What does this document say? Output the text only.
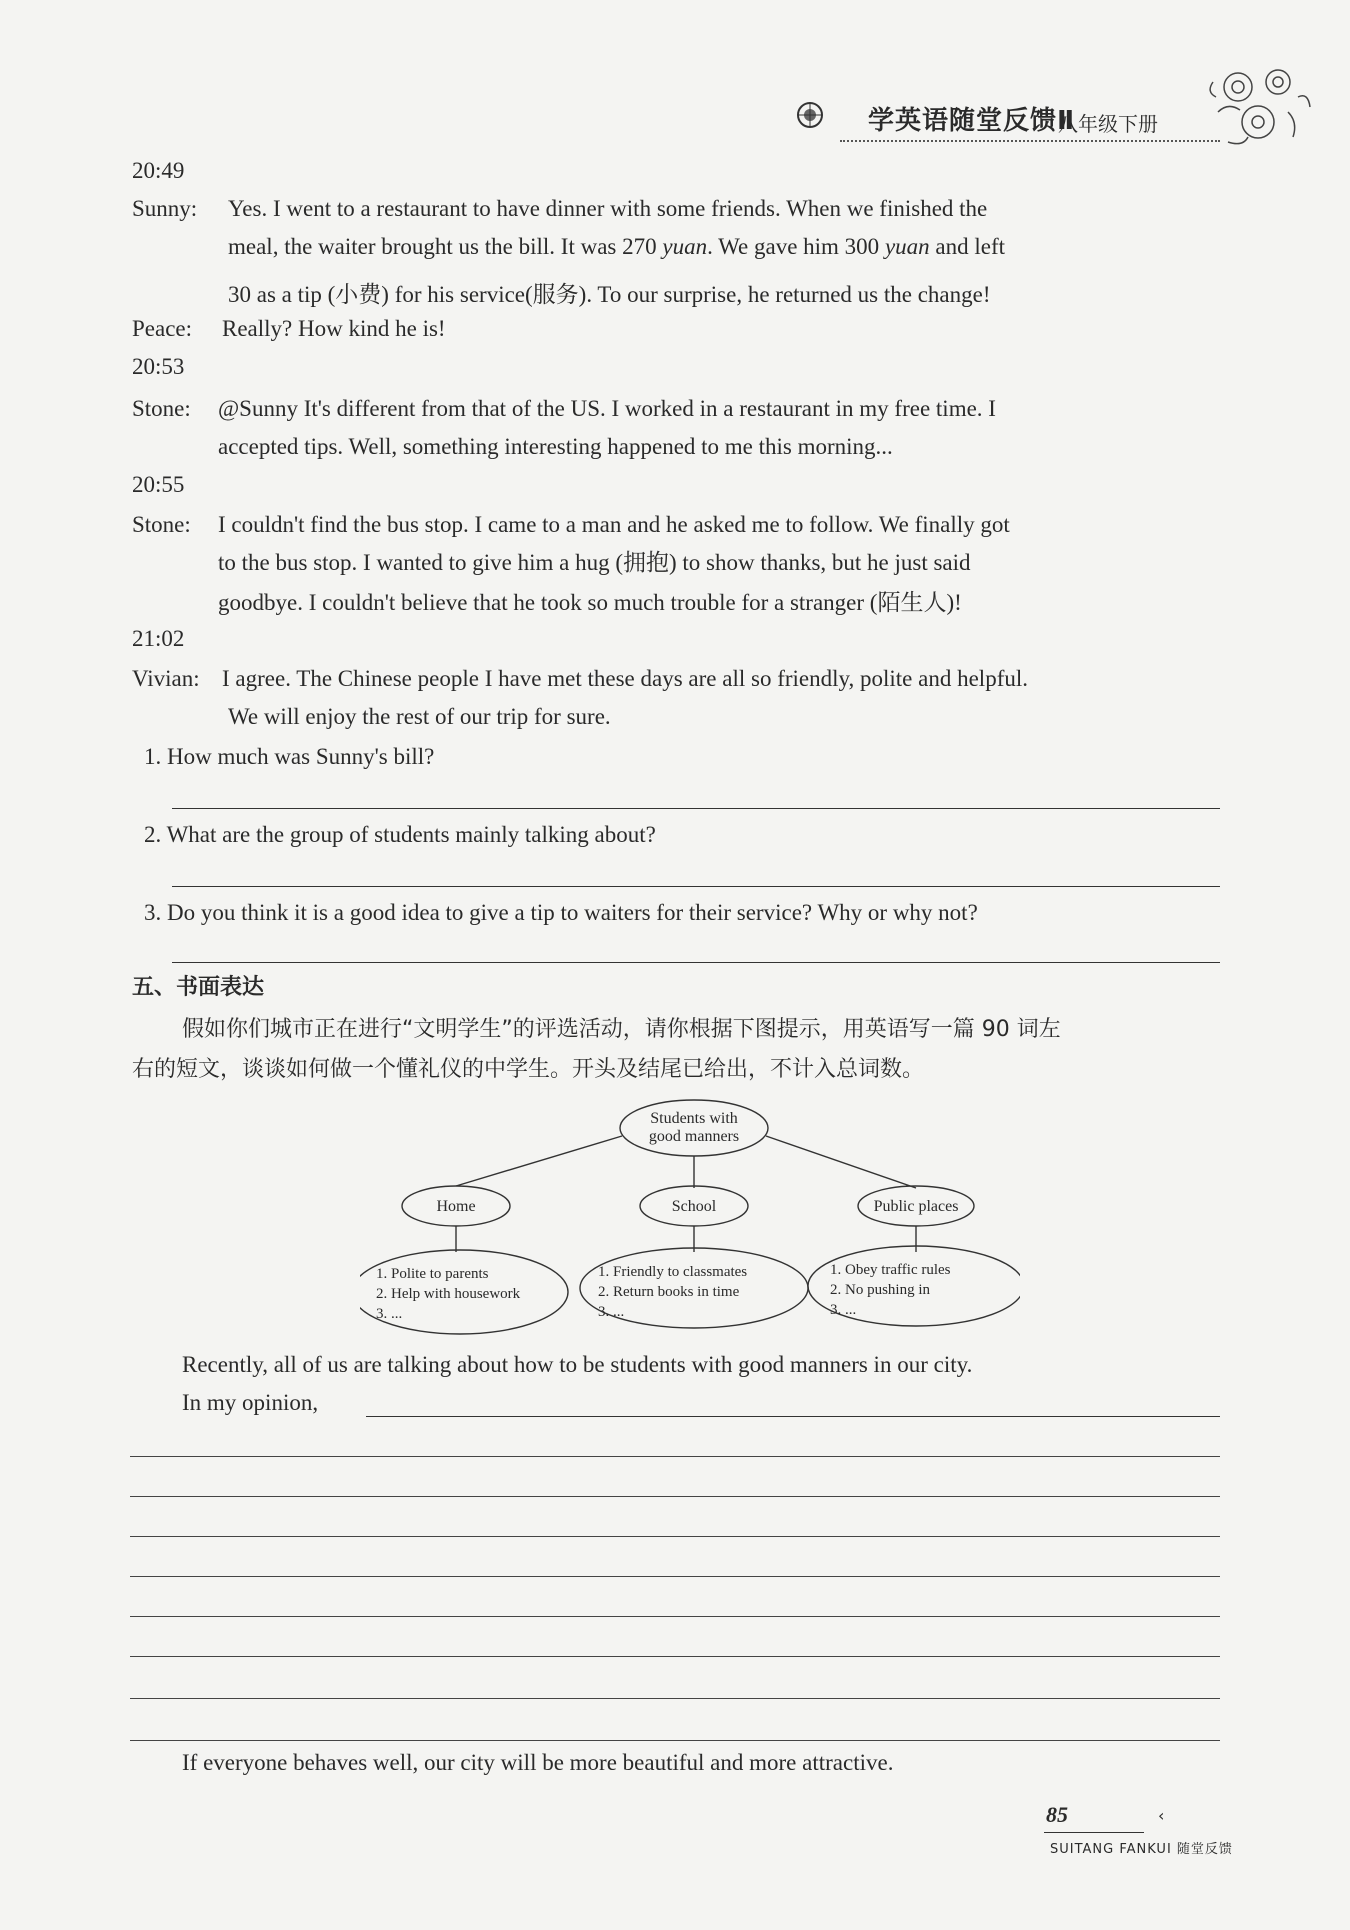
学英语随堂反馈Ⅱ
八年级下册
20:49
Sunny: Yes. I went to a restaurant to have dinner with some friends. When we finished the
meal, the waiter brought us the bill. It was 270 yuan. We gave him 300 yuan and left
30 as a tip (小费) for his service(服务). To our surprise, he returned us the change!
Peace: Really? How kind he is!
20:53
Stone: @Sunny It's different from that of the US. I worked in a restaurant in my free time. I
accepted tips. Well, something interesting happened to me this morning...
20:55
Stone: I couldn't find the bus stop. I came to a man and he asked me to follow. We finally got
to the bus stop. I wanted to give him a hug (拥抱) to show thanks, but he just said
goodbye. I couldn't believe that he took so much trouble for a stranger (陌生人)!
21:02
Vivian: I agree. The Chinese people I have met these days are all so friendly, polite and helpful.
We will enjoy the rest of our trip for sure.
1. How much was Sunny's bill?
2. What are the group of students mainly talking about?
3. Do you think it is a good idea to give a tip to waiters for their service? Why or why not?
五、书面表达
假如你们城市正在进行“文明学生”的评选活动，请你根据下图提示，用英语写一篇 90 词左
右的短文，谈谈如何做一个懂礼仪的中学生。开头及结尾已给出，不计入总词数。
Students with
good manners
Home	School	Public places
1. Polite to parents
2. Help with housework
3. ...
1. Friendly to classmates
2. Return books in time
3. ...
1. Obey traffic rules
2. No pushing in
3. ...
Recently, all of us are talking about how to be students with good manners in our city.
In my opinion,
If everyone behaves well, our city will be more beautiful and more attractive.
85	‹
SUITANG FANKUI 随堂反馈
